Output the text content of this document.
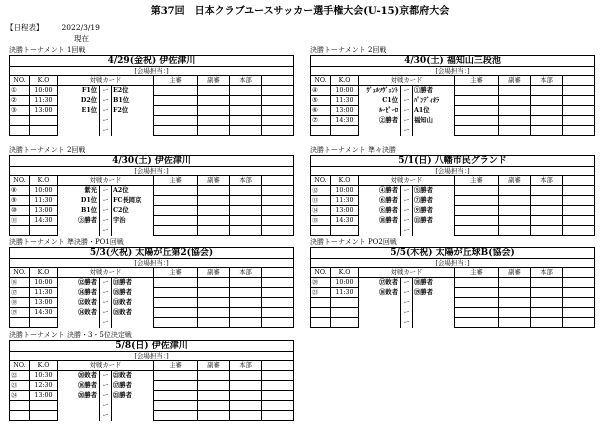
第37回　日本クラブユースサッカー選手権大会(U-15)京都府大会
【日程表】 2022/3/19
現在
決勝トーナメント 1回戦
4/29(金祝) 伊佐津川								
[会場担当：]								
NO.	K.O	対戦カード			主審	副審	本部	
①	10:00	F1位	ー	E2位				
②	11:30	D2位	ー	B1位				
③	13:00	E1位	ー	F2位				
			ー					
			ー					
決勝トーナメント 2回戦
4/30(土) 福知山三段池								
[会場担当：]								
NO.	K.O	対戦カード			主審	副審	本部	
④	10:00	ｳﾞｪﾙｿｳﾞｪﾝﾄ	ー	①勝者				
⑤	11:30	C1位	ー	ﾊﾟﾝﾃﾞｨｵﾗ				
⑥	13:00	ﾙｰﾋﾟｰﾛ	ー	A1位				
⑦	14:30	②勝者	ー	福知山				
			ー					
決勝トーナメント 2回戦
4/30(土) 伊佐津川								
[会場担当：]								
NO.	K.O	対戦カード			主審	副審	本部	
⑧	10:00	紫光	ー	A2位				
⑨	11:30	D1位	ー	FC長岡京				
⑩	13:00	B1位	ー	C2位				
⑪	14:30	③勝者	ー	宇治				
			ー					
決勝トーナメント 準々決勝
5/1(日) 八幡市民グランド								
[会場担当：]								
NO.	K.O	対戦カード			主審	副審	本部	
⑫	10:00	④勝者	ー	⑤勝者				
⑬	11:30	⑥勝者	ー	⑦勝者				
⑭	13:00	⑧勝者	ー	⑨勝者				
⑮	14:30	⑩勝者	ー	⑪勝者				
			ー					
決勝トーナメント 準決勝・PO1回戦
5/3(火祝) 太陽が丘第2(協会)								
[会場担当：]								
NO.	K.O	対戦カード			主審	副審	本部	
⑯	10:00	⑫勝者	ー	⑬勝者				
⑰	11:30	⑭勝者	ー	⑮勝者				
⑱	13:00	⑫敗者	ー	⑬敗者				
⑲	14:30	⑭敗者	ー	⑮敗者				
			ー					
決勝トーナメント PO2回戦
5/5(木祝) 太陽が丘球B(協会)								
[会場担当：]								
NO.	K.O	対戦カード			主審	副審	本部	
⑳	10:00	⑰敗者	ー	⑱勝者				
㉑	11:30	⑯敗者	ー	⑲勝者				
			ー					
			ー					
			ー					
決勝トーナメント 決勝・3・5位決定戦
5/8(日) 伊佐津川								
[会場担当：]								
NO.	K.O	対戦カード			主審	副審	本部	
㉒	10:30	⑳敗者	ー	㉑敗者				
㉓	12:30	⑯勝者	ー	⑰勝者				
㉔	13:00	⑳勝者	ー	㉑勝者				
			ー					
			ー					
